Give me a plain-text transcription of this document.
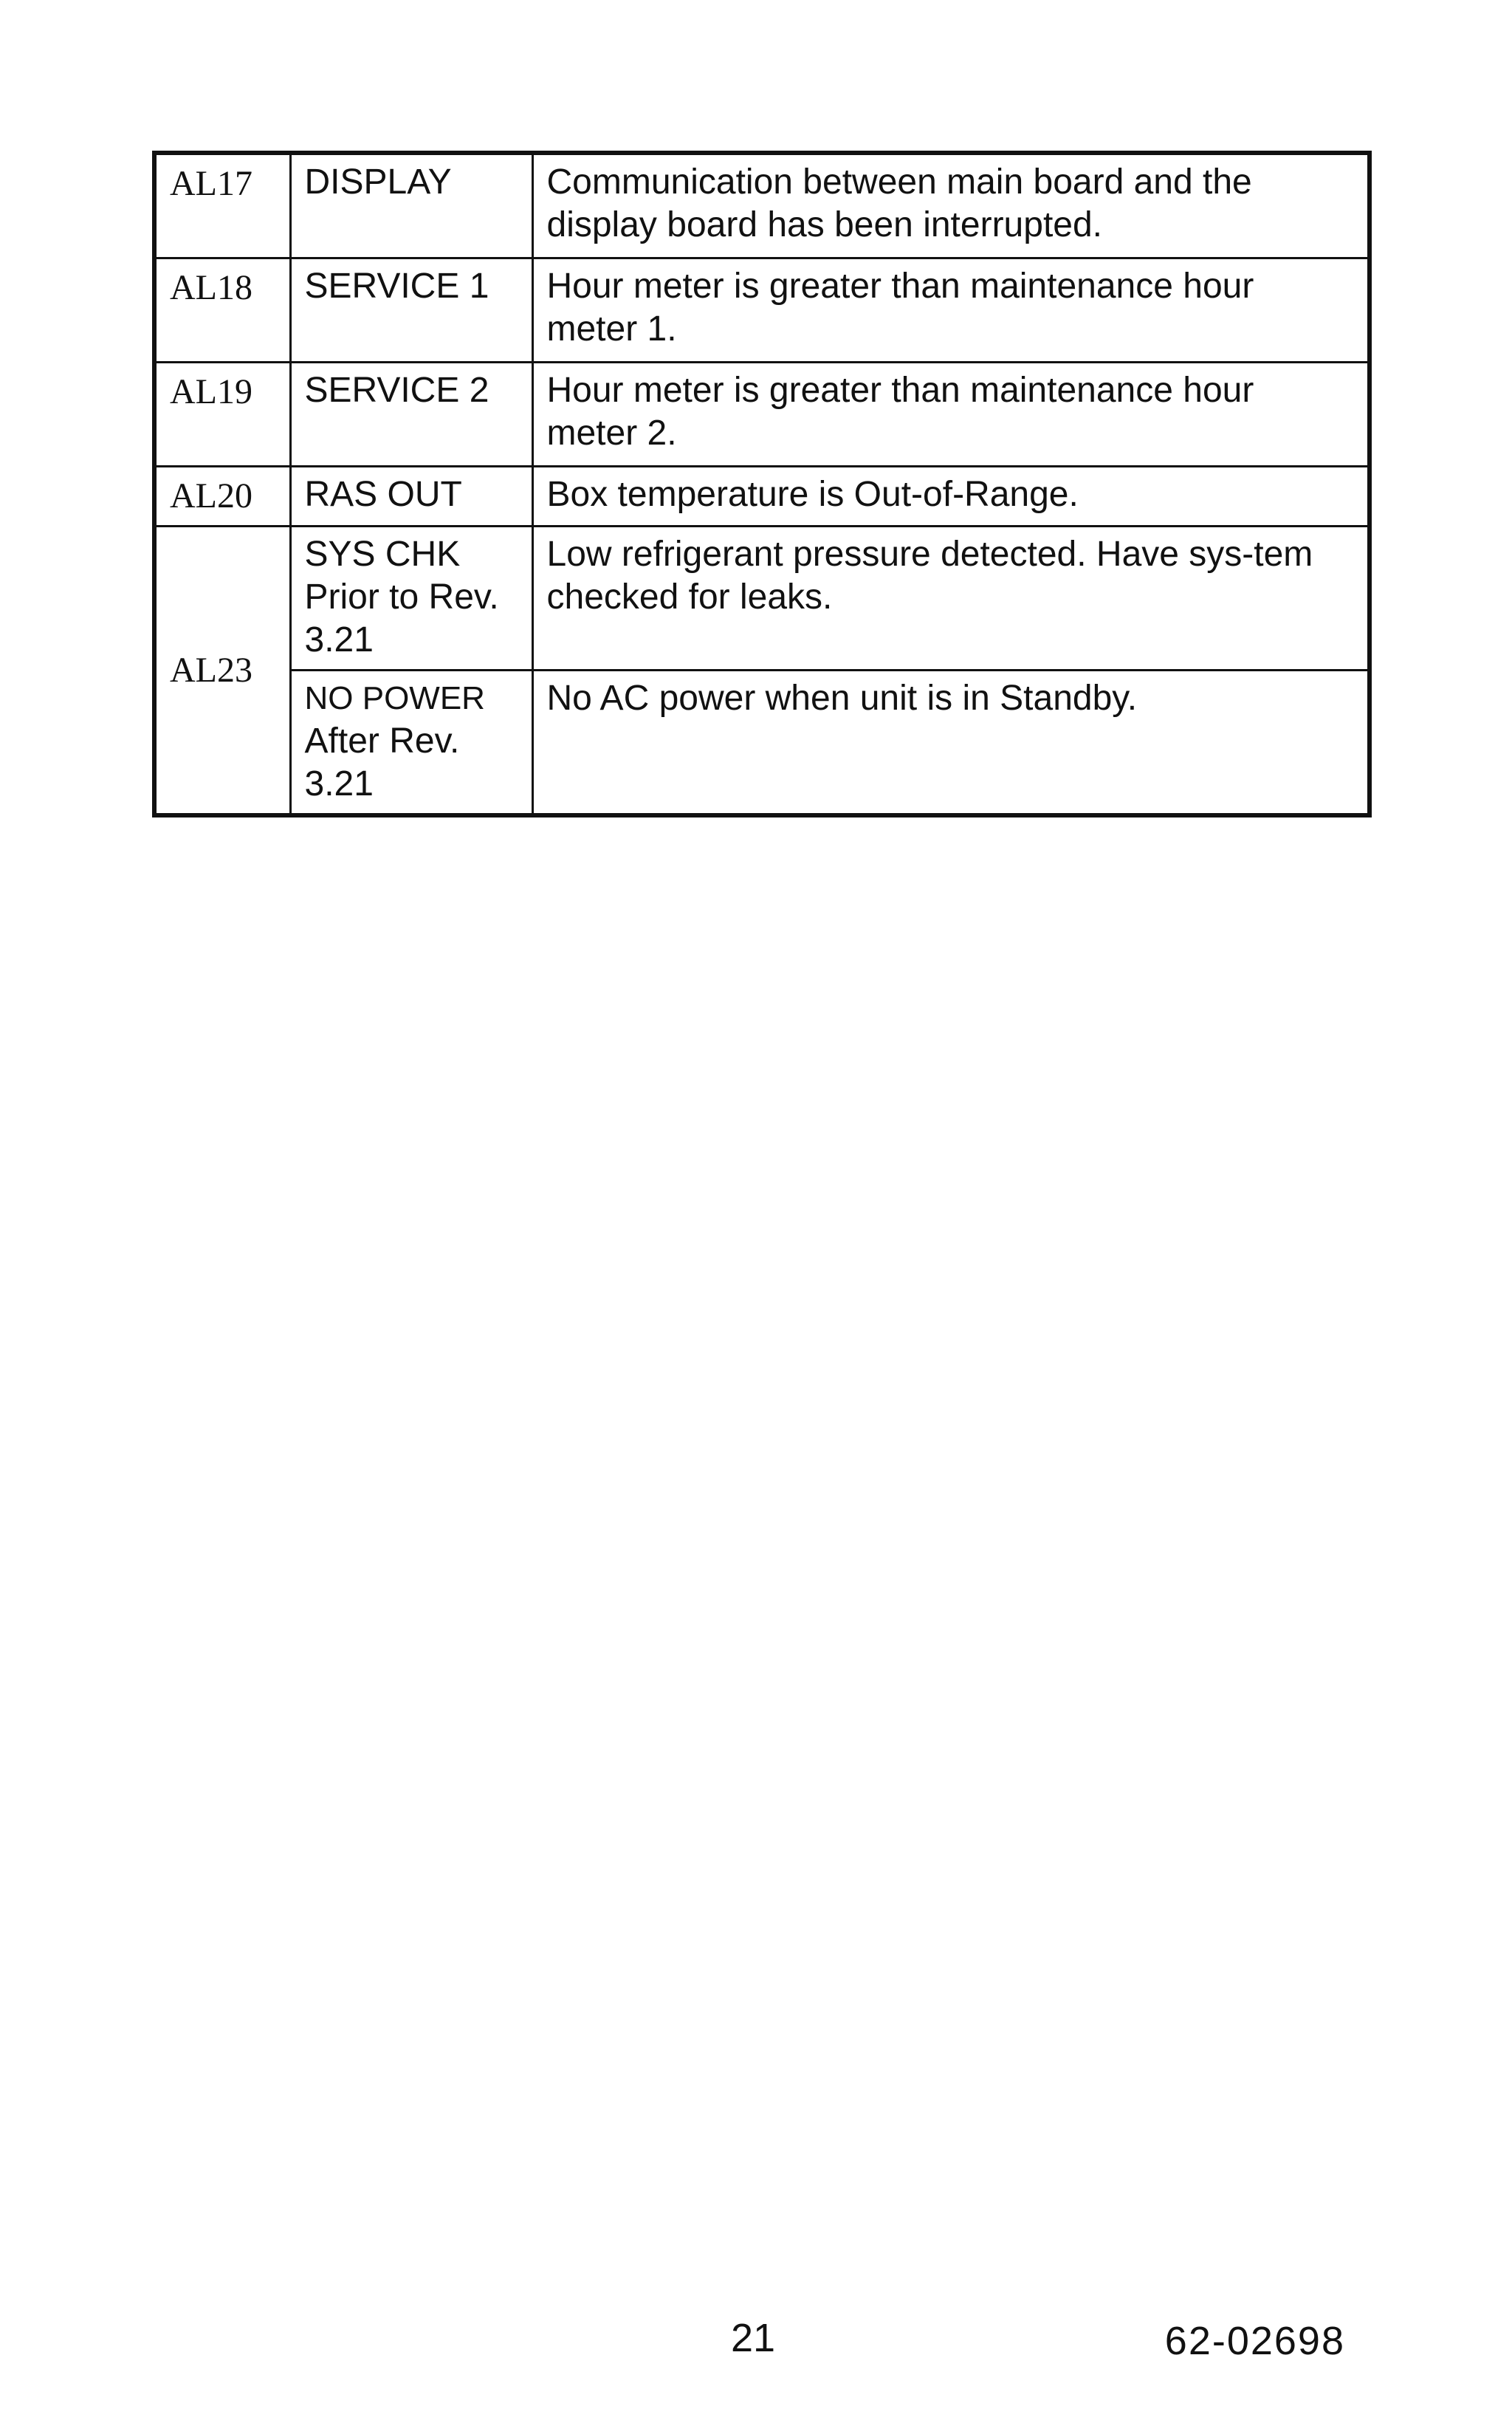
AL17	DISPLAY	Communication between main board and the display board has been interrupted.
AL18	SERVICE 1	Hour meter is greater than maintenance hour meter 1.
AL19	SERVICE 2	Hour meter is greater than maintenance hour meter 2.
AL20	RAS OUT	Box temperature is Out-of-Range.
AL23	SYS CHK
Prior to Rev.
3.21	Low refrigerant pressure detected. Have sys-tem checked for leaks.

	NO POWER
After Rev.
3.21	No AC power when unit is in Standby.
21	62-02698
